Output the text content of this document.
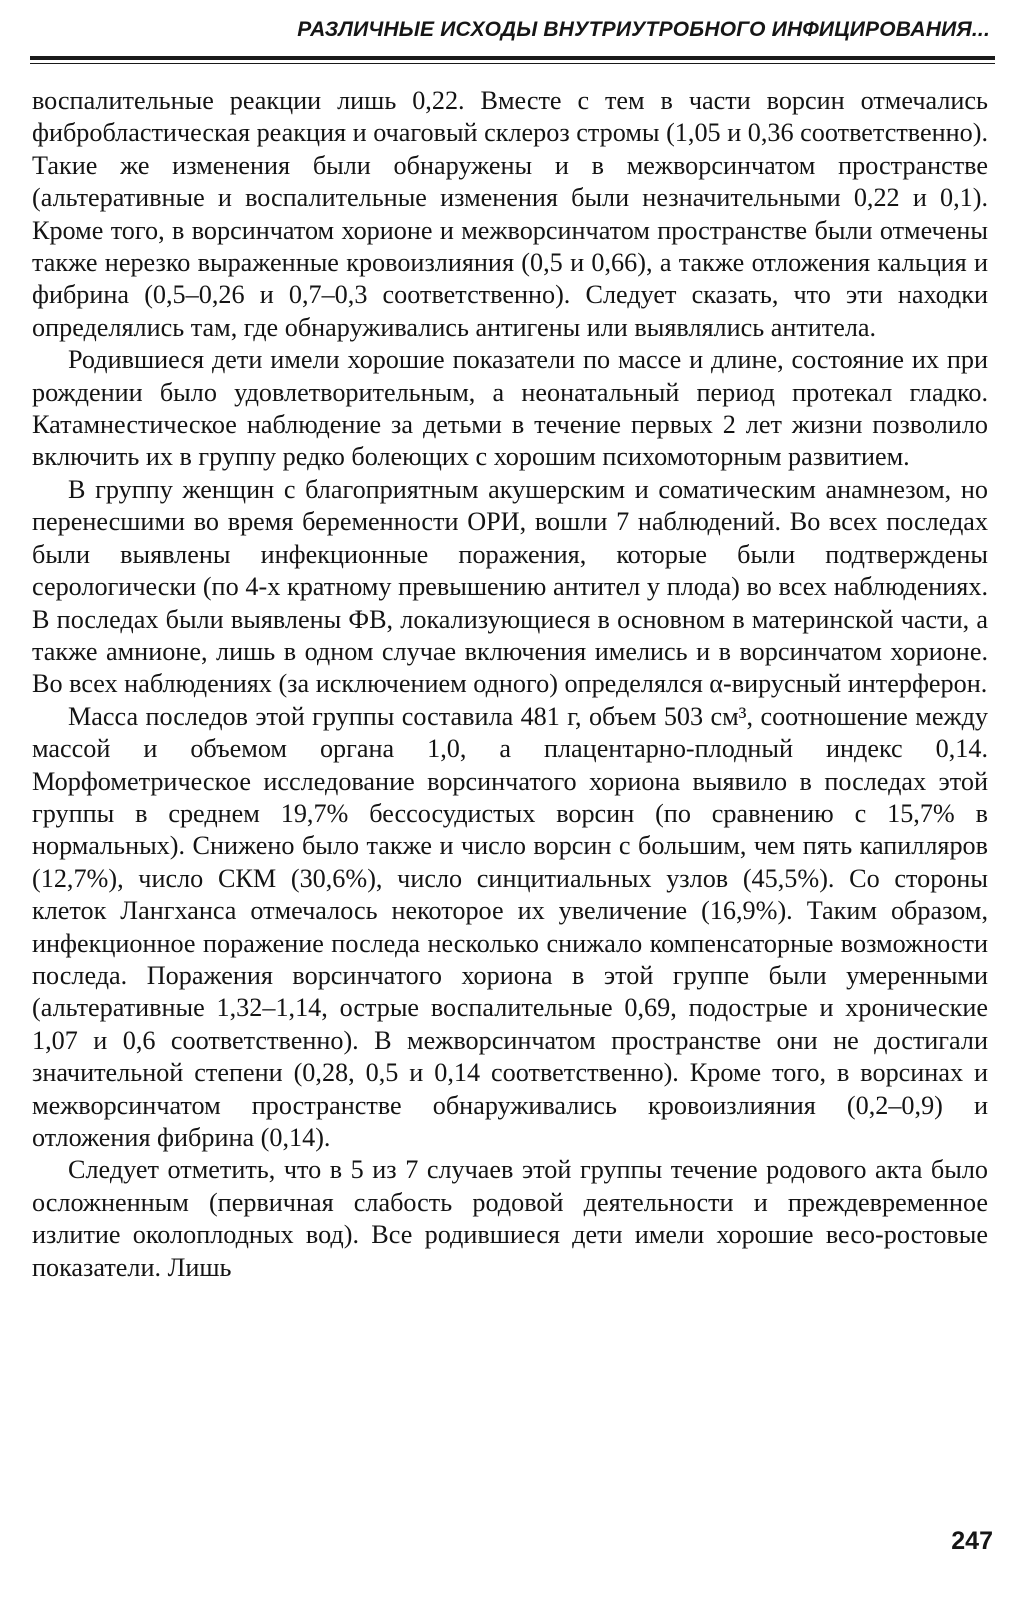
РАЗЛИЧНЫЕ ИСХОДЫ ВНУТРИУТРОБНОГО ИНФИЦИРОВАНИЯ...

воспалительные реакции лишь 0,22. Вместе с тем в части ворсин отмечались фибробластическая реакция и очаговый склероз стромы (1,05 и 0,36 соответственно). Такие же изменения были обнаружены и в межворсинчатом пространстве (альтеративные и воспалительные изменения были незначительными 0,22 и 0,1). Кроме того, в ворсинчатом хорионе и межворсинчатом пространстве были отмечены также нерезко выраженные кровоизлияния (0,5 и 0,66), а также отложения кальция и фибрина (0,5–0,26 и 0,7–0,3 соответственно). Следует сказать, что эти находки определялись там, где обнаруживались антигены или выявлялись антитела.

Родившиеся дети имели хорошие показатели по массе и длине, состояние их при рождении было удовлетворительным, а неонатальный период протекал гладко. Катамнестическое наблюдение за детьми в течение первых 2 лет жизни позволило включить их в группу редко болеющих с хорошим психомоторным развитием.

В группу женщин с благоприятным акушерским и соматическим анамнезом, но перенесшими во время беременности ОРИ, вошли 7 наблюдений. Во всех последах были выявлены инфекционные поражения, которые были подтверждены серологически (по 4-х кратному превышению антител у плода) во всех наблюдениях. В последах были выявлены ФВ, локализующиеся в основном в материнской части, а также амнионе, лишь в одном случае включения имелись и в ворсинчатом хорионе. Во всех наблюдениях (за исключением одного) определялся α-вирусный интерферон.

Масса последов этой группы составила 481 г, объем 503 см³, соотношение между массой и объемом органа 1,0, а плацентарно-плодный индекс 0,14. Морфометрическое исследование ворсинчатого хориона выявило в последах этой группы в среднем 19,7% бессосудистых ворсин (по сравнению с 15,7% в нормальных). Снижено было также и число ворсин с большим, чем пять капилляров (12,7%), число СКМ (30,6%), число синцитиальных узлов (45,5%). Со стороны клеток Лангханса отмечалось некоторое их увеличение (16,9%). Таким образом, инфекционное поражение последа несколько снижало компенсаторные возможности последа. Поражения ворсинчатого хориона в этой группе были умеренными (альтеративные 1,32–1,14, острые воспалительные 0,69, подострые и хронические 1,07 и 0,6 соответственно). В межворсинчатом пространстве они не достигали значительной степени (0,28, 0,5 и 0,14 соответственно). Кроме того, в ворсинах и межворсинчатом пространстве обнаруживались кровоизлияния (0,2–0,9) и отложения фибрина (0,14).

Следует отметить, что в 5 из 7 случаев этой группы течение родового акта было осложненным (первичная слабость родовой деятельности и преждевременное излитие околоплодных вод). Все родившиеся дети имели хорошие весо-ростовые показатели. Лишь

247
